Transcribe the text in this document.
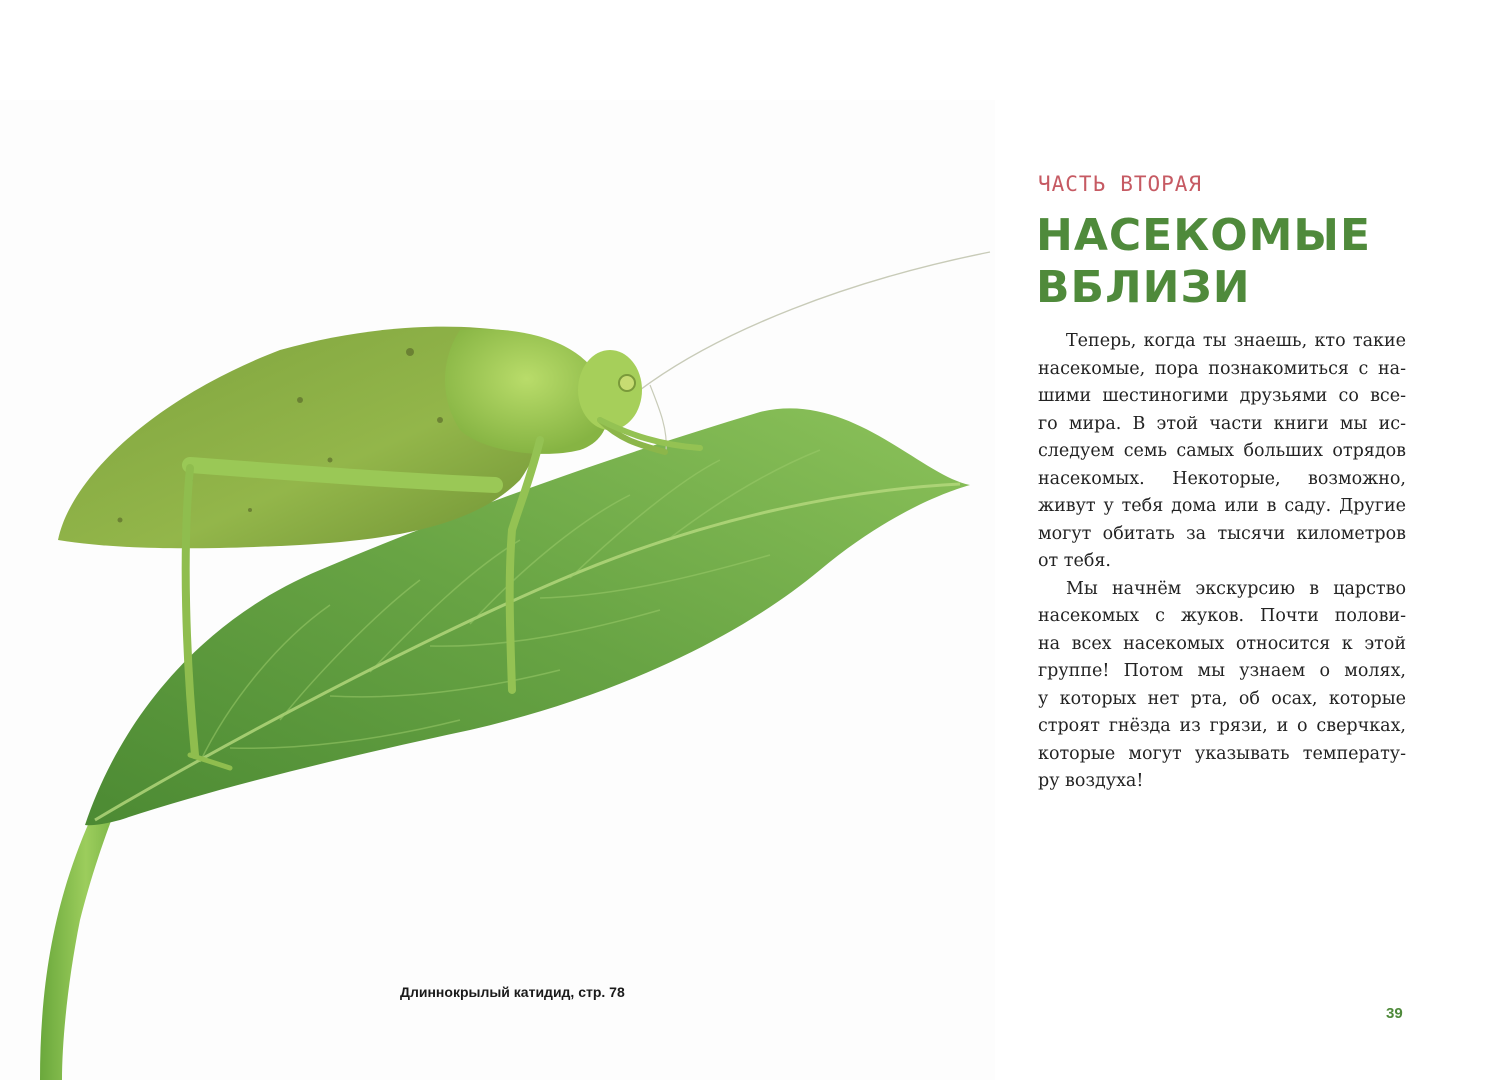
Длиннокрылый катидид, стр. 78
ЧАСТЬ ВТОРАЯ
НАСЕКОМЫЕ
ВБЛИЗИ
Теперь, когда ты знаешь, кто такие
насекомые, пора познакомиться с на-
шими шестиногими друзьями со все-
го мира. В этой части книги мы ис-
следуем семь самых больших отрядов
насекомых. Некоторые, возможно,
живут у тебя дома или в саду. Другие
могут обитать за тысячи километров
от тебя.
Мы начнём экскурсию в царство
насекомых с жуков. Почти полови-
на всех насекомых относится к этой
группе! Потом мы узнаем о молях,
у которых нет рта, об осах, которые
строят гнёзда из грязи, и о сверчках,
которые могут указывать температу-
ру воздуха!
39
